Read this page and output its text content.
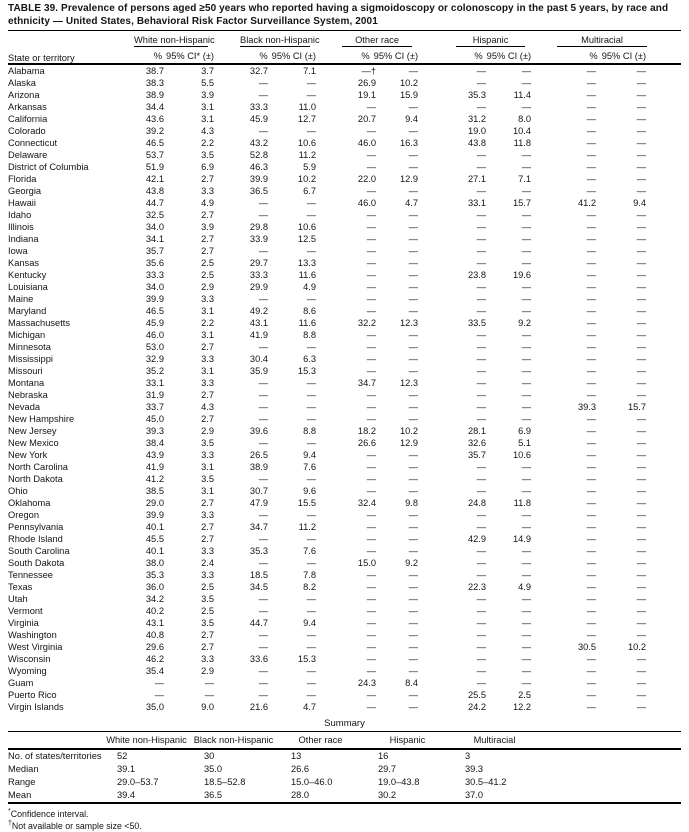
TABLE 39. Prevalence of persons aged ≥50 years who reported having a sigmoidoscopy or colonoscopy in the past 5 years, by race and ethnicity — United States, Behavioral Risk Factor Surveillance System, 2001
State or territory	White non-Hispanic		Black non-Hispanic		Other race		Hispanic		Multiracial	

	% 95% CI* (±)		% 95% CI (±)		% 95% CI (±)		% 95% CI (±)		% 95% CI (±)	

Alabama	38.7	3.7	32.7	7.1	—†	—	—	—	—	—
Alaska	38.3	5.5	—	—	26.9	10.2	—	—	—	—
Arizona	38.9	3.9	—	—	19.1	15.9	35.3	11.4	—	—
Arkansas	34.4	3.1	33.3	11.0	—	—	—	—	—	—
California	43.6	3.1	45.9	12.7	20.7	9.4	31.2	8.0	—	—
Colorado	39.2	4.3	—	—	—	—	19.0	10.4	—	—
Connecticut	46.5	2.2	43.2	10.6	46.0	16.3	43.8	11.8	—	—
Delaware	53.7	3.5	52.8	11.2	—	—	—	—	—	—
District of Columbia	51.9	6.9	46.3	5.9	—	—	—	—	—	—
Florida	42.1	2.7	39.9	10.2	22.0	12.9	27.1	7.1	—	—
Georgia	43.8	3.3	36.5	6.7	—	—	—	—	—	—
Hawaii	44.7	4.9	—	—	46.0	4.7	33.1	15.7	41.2	9.4
Idaho	32.5	2.7	—	—	—	—	—	—	—	—
Illinois	34.0	3.9	29.8	10.6	—	—	—	—	—	—
Indiana	34.1	2.7	33.9	12.5	—	—	—	—	—	—
Iowa	35.7	2.7	—	—	—	—	—	—	—	—
Kansas	35.6	2.5	29.7	13.3	—	—	—	—	—	—
Kentucky	33.3	2.5	33.3	11.6	—	—	23.8	19.6	—	—
Louisiana	34.0	2.9	29.9	4.9	—	—	—	—	—	—
Maine	39.9	3.3	—	—	—	—	—	—	—	—
Maryland	46.5	3.1	49.2	8.6	—	—	—	—	—	—
Massachusetts	45.9	2.2	43.1	11.6	32.2	12.3	33.5	9.2	—	—
Michigan	46.0	3.1	41.9	8.8	—	—	—	—	—	—
Minnesota	53.0	2.7	—	—	—	—	—	—	—	—
Mississippi	32.9	3.3	30.4	6.3	—	—	—	—	—	—
Missouri	35.2	3.1	35.9	15.3	—	—	—	—	—	—
Montana	33.1	3.3	—	—	34.7	12.3	—	—	—	—
Nebraska	31.9	2.7	—	—	—	—	—	—	—	—
Nevada	33.7	4.3	—	—	—	—	—	—	39.3	15.7
New Hampshire	45.0	2.7	—	—	—	—	—	—	—	—
New Jersey	39.3	2.9	39.6	8.8	18.2	10.2	28.1	6.9	—	—
New Mexico	38.4	3.5	—	—	26.6	12.9	32.6	5.1	—	—
New York	43.9	3.3	26.5	9.4	—	—	35.7	10.6	—	—
North Carolina	41.9	3.1	38.9	7.6	—	—	—	—	—	—
North Dakota	41.2	3.5	—	—	—	—	—	—	—	—
Ohio	38.5	3.1	30.7	9.6	—	—	—	—	—	—
Oklahoma	29.0	2.7	47.9	15.5	32.4	9.8	24.8	11.8	—	—
Oregon	39.9	3.3	—	—	—	—	—	—	—	—
Pennsylvania	40.1	2.7	34.7	11.2	—	—	—	—	—	—
Rhode Island	45.5	2.7	—	—	—	—	42.9	14.9	—	—
South Carolina	40.1	3.3	35.3	7.6	—	—	—	—	—	—
South Dakota	38.0	2.4	—	—	15.0	9.2	—	—	—	—
Tennessee	35.3	3.3	18.5	7.8	—	—	—	—	—	—
Texas	36.0	2.5	34.5	8.2	—	—	22.3	4.9	—	—
Utah	34.2	3.5	—	—	—	—	—	—	—	—
Vermont	40.2	2.5	—	—	—	—	—	—	—	—
Virginia	43.1	3.5	44.7	9.4	—	—	—	—	—	—
Washington	40.8	2.7	—	—	—	—	—	—	—	—
West Virginia	29.6	2.7	—	—	—	—	—	—	30.5	10.2
Wisconsin	46.2	3.3	33.6	15.3	—	—	—	—	—	—
Wyoming	35.4	2.9	—	—	—	—	—	—	—	—
Guam	—	—	—	—	24.3	8.4	—	—	—	—
Puerto Rico	—	—	—	—	—	—	25.5	2.5	—	—
Virgin Islands	35.0	9.0	21.6	4.7	—	—	24.2	12.2	—	—
Summary
	White non-Hispanic	Black non-Hispanic	Other race	Hispanic	Multiracial	
No. of states/territories	52	30	13	16	3	
Median	39.1	35.0	26.6	29.7	39.3	
Range	29.0–53.7	18.5–52.8	15.0–46.0	19.0–43.8	30.5–41.2	
Mean	39.4	36.5	28.0	30.2	37.0	
*Confidence interval.
†Not available or sample size <50.
